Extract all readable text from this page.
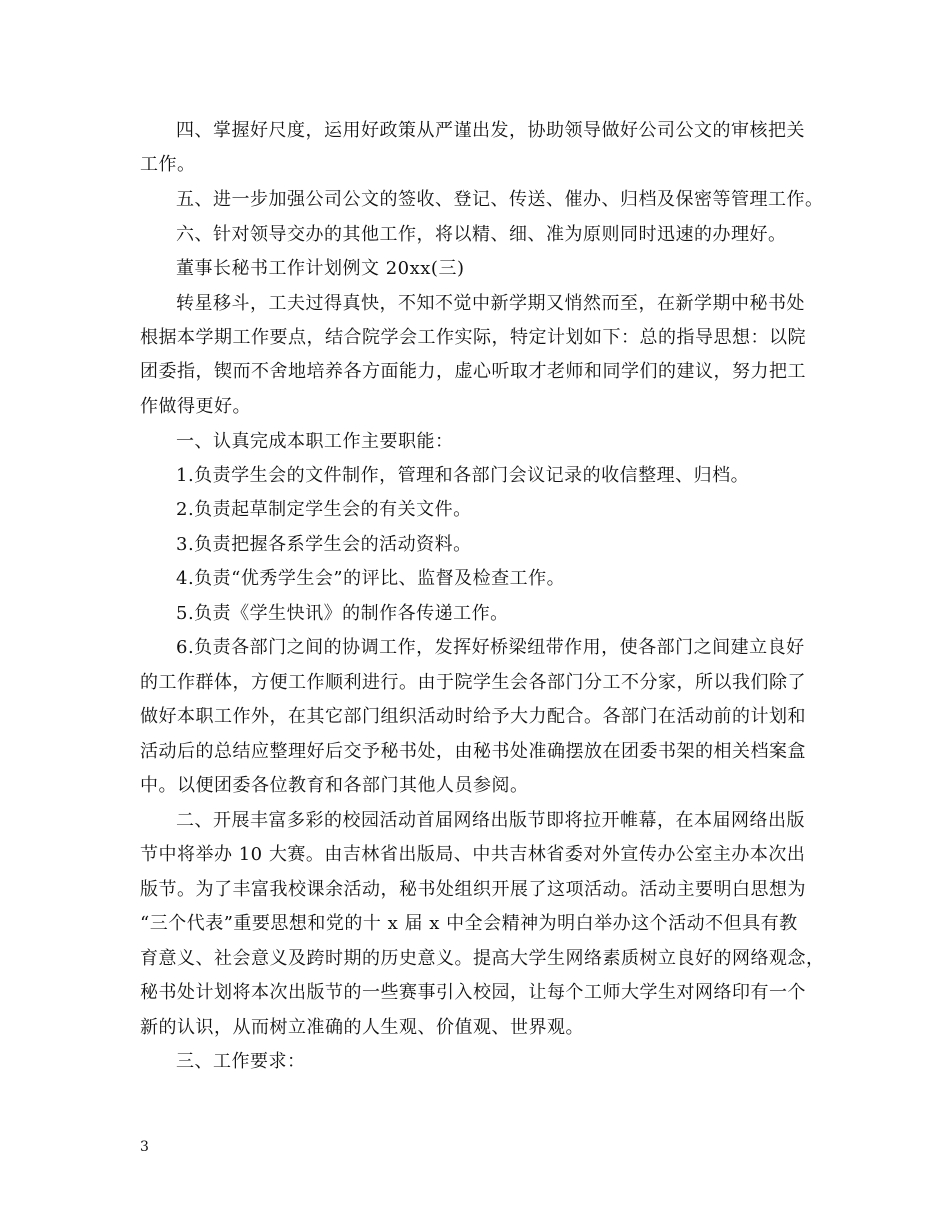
四、掌握好尺度，运用好政策从严谨出发，协助领导做好公司公文的审核把关
工作。
五、进一步加强公司公文的签收、登记、传送、催办、归档及保密等管理工作。
六、针对领导交办的其他工作，将以精、细、准为原则同时迅速的办理好。
董事长秘书工作计划例文 20xx(三)
转星移斗，工夫过得真快，不知不觉中新学期又悄然而至，在新学期中秘书处
根据本学期工作要点，结合院学会工作实际，特定计划如下：总的指导思想：以院
团委指，锲而不舍地培养各方面能力，虚心听取才老师和同学们的建议，努力把工
作做得更好。
一、认真完成本职工作主要职能：
1.负责学生会的文件制作，管理和各部门会议记录的收信整理、归档。
2.负责起草制定学生会的有关文件。
3.负责把握各系学生会的活动资料。
4.负责“优秀学生会”的评比、监督及检查工作。
5.负责《学生快讯》的制作各传递工作。
6.负责各部门之间的协调工作，发挥好桥梁纽带作用，使各部门之间建立良好
的工作群体，方便工作顺利进行。由于院学生会各部门分工不分家，所以我们除了
做好本职工作外，在其它部门组织活动时给予大力配合。各部门在活动前的计划和
活动后的总结应整理好后交予秘书处，由秘书处准确摆放在团委书架的相关档案盒
中。以便团委各位教育和各部门其他人员参阅。
二、开展丰富多彩的校园活动首届网络出版节即将拉开帷幕，在本届网络出版
节中将举办 10 大赛。由吉林省出版局、中共吉林省委对外宣传办公室主办本次出
版节。为了丰富我校课余活动，秘书处组织开展了这项活动。活动主要明白思想为
“三个代表”重要思想和党的十 x 届 x 中全会精神为明白举办这个活动不但具有教
育意义、社会意义及跨时期的历史意义。提高大学生网络素质树立良好的网络观念，
秘书处计划将本次出版节的一些赛事引入校园，让每个工师大学生对网络印有一个
新的认识，从而树立准确的人生观、价值观、世界观。
三、工作要求：
3
